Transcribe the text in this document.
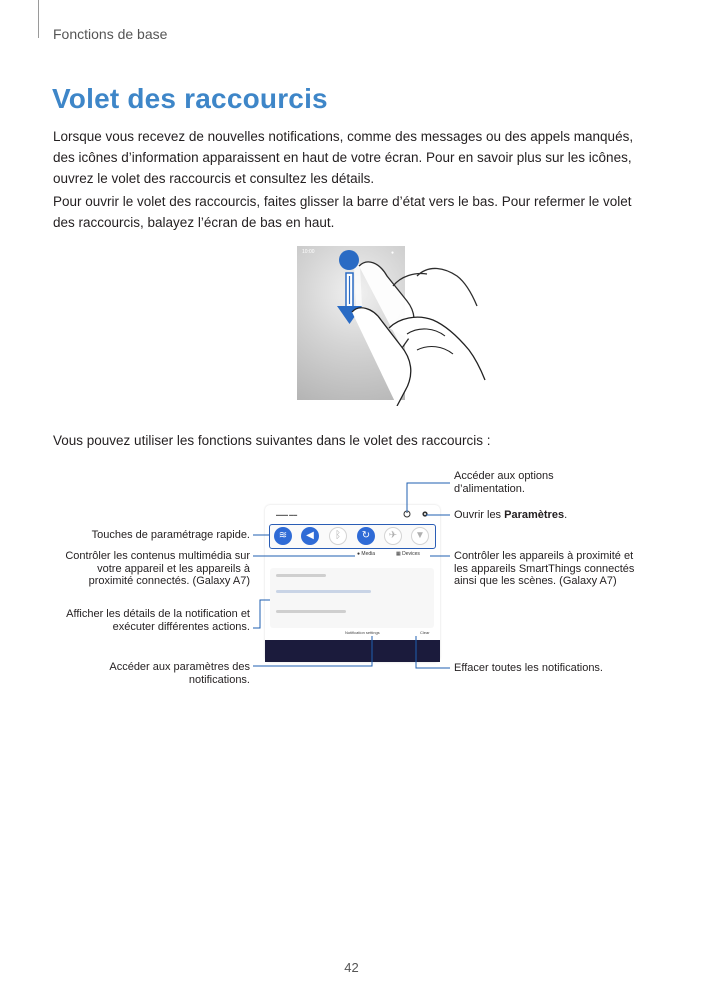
Fonctions de base
Volet des raccourcis
Lorsque vous recevez de nouvelles notifications, comme des messages ou des appels manqués, des icônes d’information apparaissent en haut de votre écran. Pour en savoir plus sur les icônes, ouvrez le volet des raccourcis et consultez les détails.
Pour ouvrir le volet des raccourcis, faites glisser la barre d’état vers le bas. Pour refermer le volet des raccourcis, balayez l’écran de bas en haut.
10:00	●
Vous pouvez utiliser les fonctions suivantes dans le volet des raccourcis :
▬▬▬ ▬▬
≋	◀	ᛒ	↻	✈	▼
● Media	▦ Devices
Notification settings	Clear
Accéder aux options d’alimentation.
Ouvrir les Paramètres.
Touches de paramétrage rapide.
Contrôler les contenus multimédia sur votre appareil et les appareils à proximité connectés. (Galaxy A7)
Contrôler les appareils à proximité et les appareils SmartThings connectés ainsi que les scènes. (Galaxy A7)
Afficher les détails de la notification et exécuter différentes actions.
Accéder aux paramètres des notifications.
Effacer toutes les notifications.
42
